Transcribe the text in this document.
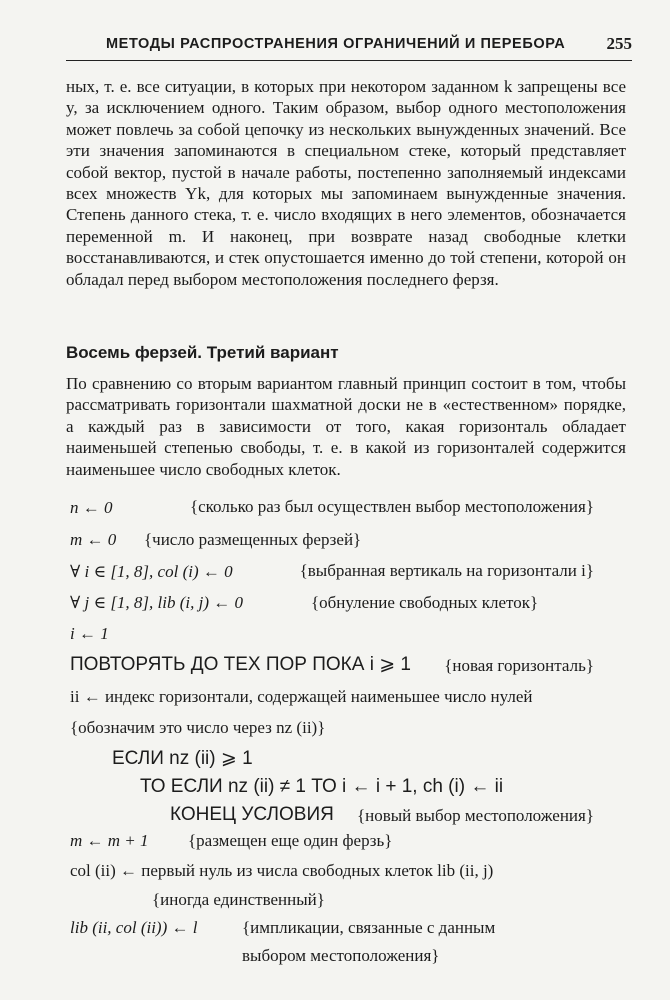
МЕТОДЫ РАСПРОСТРАНЕНИЯ ОГРАНИЧЕНИЙ И ПЕРЕБОРА 255

ных, т. е. все ситуации, в которых при некотором заданном k запрещены все y, за исключением одного. Таким образом, выбор одного местоположения может повлечь за собой цепочку из нескольких вынужденных значений. Все эти значения запоминаются в специальном стеке, который представляет собой вектор, пустой в начале работы, постепенно заполняемый индексами всех множеств Yk, для которых мы запоминаем вынужденные значения. Степень данного стека, т. е. число входящих в него элементов, обозначается переменной m. И наконец, при возврате назад свободные клетки восстанавливаются, и стек опустошается именно до той степени, которой он обладал перед выбором местоположения последнего ферзя.

Восемь ферзей. Третий вариант

По сравнению со вторым вариантом главный принцип состоит в том, чтобы рассматривать горизонтали шахматной доски не в «естественном» порядке, а каждый раз в зависимости от того, какая горизонталь обладает наименьшей степенью свободы, т. е. в какой из горизонталей содержится наименьшее число свободных клеток.

n ← 0	{сколько раз был осуществлен выбор местоположения}
m ← 0 {число размещенных ферзей}
∀ i ∈ [1, 8], col (i) ← 0	{выбранная вертикаль на горизонтали i}
∀ j ∈ [1, 8], lib (i, j) ← 0	{обнуление свободных клеток}
i ← 1
ПОВТОРЯТЬ ДО ТЕХ ПОР ПОКА i ⩾ 1 {новая горизонталь}
ii ← индекс горизонтали, содержащей наименьшее число нулей
{обозначим это число через nz (ii)}
ЕСЛИ nz (ii) ⩾ 1
ТО ЕСЛИ nz (ii) ≠ 1 ТО i ← i + 1, ch (i) ← ii
КОНЕЦ УСЛОВИЯ {новый выбор местоположения}
m ← m + 1 {размещен еще один ферзь}
col (ii) ← первый нуль из числа свободных клеток lib (ii, j)
{иногда единственный}
lib (ii, col (ii)) ← l	{импликации, связанные с данным
выбором местоположения}
